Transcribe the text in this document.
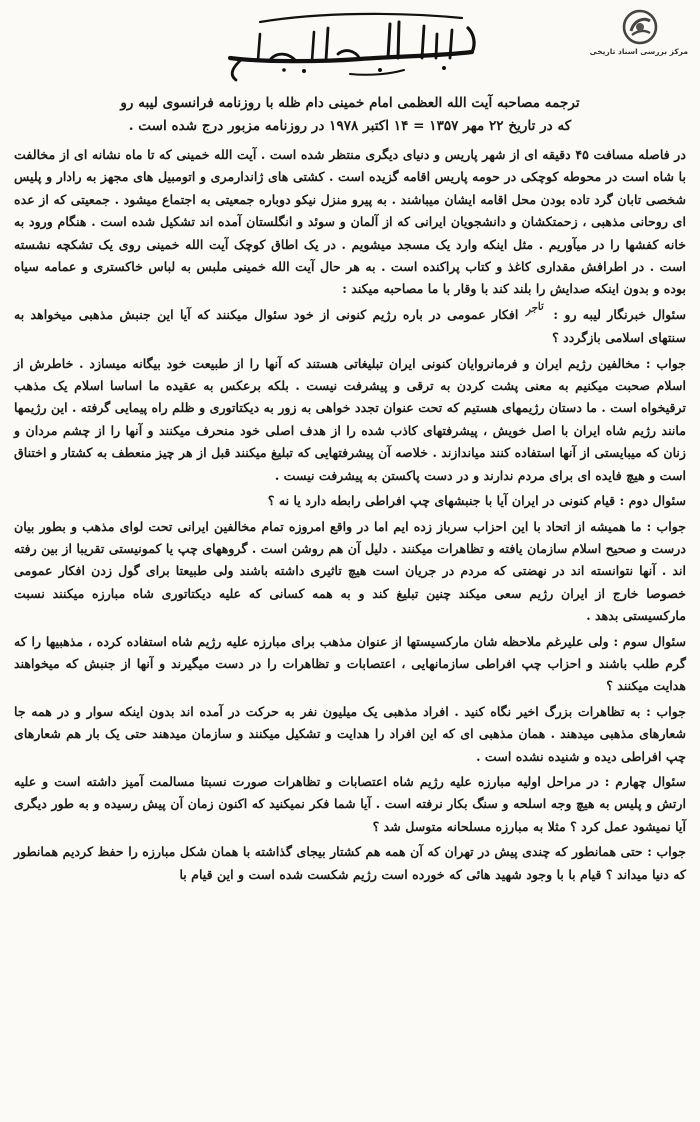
مرکز بررسی اسناد تاریخی
بسم الله الرحمن الرحیم
ترجمه مصاحبه آیت الله العظمی امام خمینی دام ظله با روزنامه فرانسوی لیبه رو
که در تاریخ ۲۲ مهر ۱۳۵۷ = ۱۴ اکتبر ۱۹۷۸ در روزنامه مزبور درج شده است .

در فاصله مسافت ۴۵ دقیقه ای از شهر پاریس و دنیای دیگری منتظر شده است . آیت الله خمینی که تا ماه نشانه ای از مخالفت با شاه است در محوطه کوچکی در حومه پاریس اقامه گزیده است . کشتی های ژاندارمری و اتومبیل های مجهز به رادار و پلیس شخصی تابان گرد تاده بودن محل اقامه ایشان میباشند . به پیرو منزل نیکو دوباره جمعیتی به اجتماع میشود . جمعیتی که از عده ای روحانی مذهبی ، زحمتکشان و دانشجویان ایرانی که از آلمان و سوئد و انگلستان آمده اند تشکیل شده است . هنگام ورود به خانه کفشها را در میآوریم . مثل اینکه وارد یک مسجد میشویم . در یک اطاق کوچک آیت الله خمینی روی یک تشکچه نشسته است . در اطرافش مقداری کاغذ و کتاب پراکنده است . به هر حال آیت الله خمینی ملبس به لباس خاکستری و عمامه سیاه بوده و بدون اینکه صدایش را بلند کند با وقار با ما مصاحبه میکند :

سئوال خبرنگار لیبه رو : تاجر افکار عمومی در باره رژیم کنونی از خود سئوال میکنند که آیا این جنبش مذهبی میخواهد به سنتهای اسلامی بازگردد ؟

جواب : مخالفین رژیم ایران و فرمانروایان کنونی ایران تبلیغاتی هستند که آنها را از طبیعت خود بیگانه میسازد . خاطرش از اسلام صحبت میکنیم به معنی پشت کردن به ترقی و پیشرفت نیست . بلکه برعکس به عقیده ما اساسا اسلام یک مذهب ترقیخواه است . ما دستان رژیمهای هستیم که تحت عنوان تجدد خواهی به زور به دیکتاتوری و ظلم راه پیمایی گرفته . این رژیمها مانند رژیم شاه ایران با اصل خویش ، پیشرفتهای کاذب شده را از هدف اصلی خود منحرف میکنند و آنها را از چشم مردان و زنان که میبایستی از آنها استفاده کنند میاندازند . خلاصه آن پیشرفتهایی که تبلیغ میکنند قبل از هر چیز منعطف به کشتار و اختناق است و هیچ فایده ای برای مردم ندارند و در دست پاکستن به پیشرفت نیست .

سئوال دوم : قیام کنونی در ایران آیا با جنبشهای چپ افراطی رابطه دارد یا نه ؟

جواب : ما همیشه از اتحاد با این احزاب سرباز زده ایم اما در واقع امروزه تمام مخالفین ایرانی تحت لوای مذهب و بطور بیان درست و صحیح اسلام سازمان یافته و تظاهرات میکنند . دلیل آن هم روشن است . گروههای چپ یا کمونیستی تقریبا از بین رفته اند . آنها نتوانسته اند در نهضتی که مردم در جریان است هیچ تاثیری داشته باشند ولی طبیعتا برای گول زدن افکار عمومی خصوصا خارج از ایران رژیم سعی میکند چنین تبلیغ کند و به همه کسانی که علیه دیکتاتوری شاه مبارزه میکنند نسبت مارکسیستی بدهد .

سئوال سوم : ولی علیرغم ملاحظه شان مارکسیستها از عنوان مذهب برای مبارزه علیه رژیم شاه استفاده کرده ، مذهبیها را که گرم طلب باشند و احزاب چپ افراطی سازمانهایی ، اعتصابات و تظاهرات را در دست میگیرند و آنها از جنبش که میخواهند هدایت میکنند ؟

جواب : به تظاهرات بزرگ اخیر نگاه کنید . افراد مذهبی یک میلیون نفر به حرکت در آمده اند بدون اینکه سوار و در همه جا شعارهای مذهبی میدهند . همان مذهبی ای که این افراد را هدایت و تشکیل میکنند و سازمان میدهند حتی یک بار هم شعارهای چپ افراطی دیده و شنیده نشده است .

سئوال چهارم : در مراحل اولیه مبارزه علیه رژیم شاه اعتصابات و تظاهرات صورت نسبتا مسالمت آمیز داشته است و علیه ارتش و پلیس به هیچ وجه اسلحه و سنگ بکار نرفته است . آیا شما فکر نمیکنید که اکنون زمان آن پیش رسیده و به طور دیگری آیا نمیشود عمل کرد ؟ مثلا به مبارزه مسلحانه متوسل شد ؟

جواب : حتی همانطور که چندی پیش در تهران که آن همه هم کشتار بیجای گذاشته با همان شکل مبارزه را حفظ کردیم همانطور که دنیا میداند ؟ قیام با با وجود شهید هائی که خورده است رژیم شکست شده است و این قیام با
